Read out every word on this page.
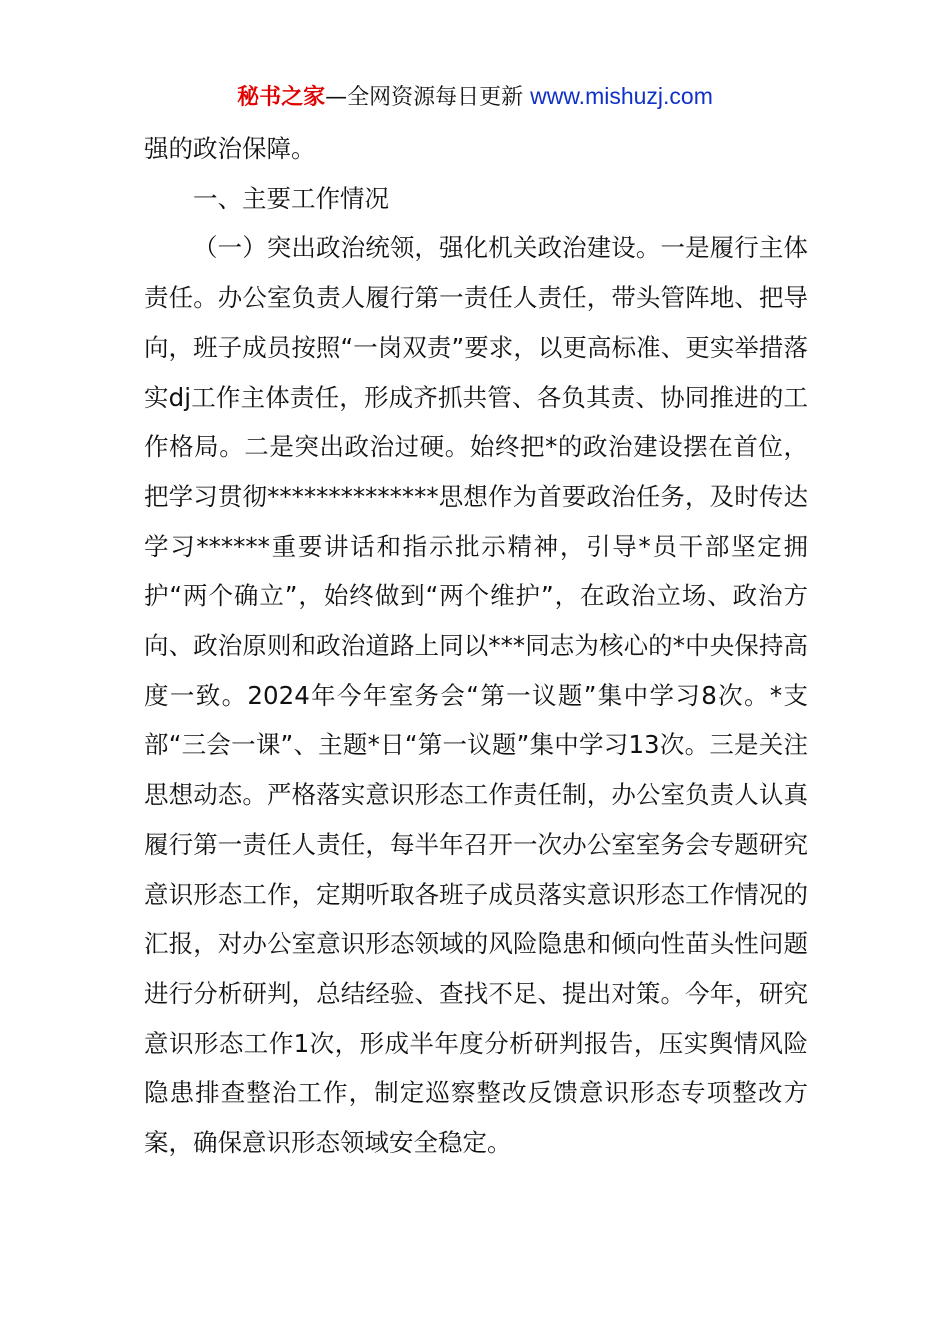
秘书之家—全网资源每日更新 www.mishuzj.com

强的政治保障。

一、主要工作情况

（一）突出政治统领，强化机关政治建设。一是履行主体责任。办公室负责人履行第一责任人责任，带头管阵地、把导向，班子成员按照“一岗双责”要求，以更高标准、更实举措落实dj工作主体责任，形成齐抓共管、各负其责、协同推进的工作格局。二是突出政治过硬。始终把*的政治建设摆在首位，把学习贯彻**************思想作为首要政治任务，及时传达学习******重要讲话和指示批示精神，引导*员干部坚定拥护“两个确立”，始终做到“两个维护”，在政治立场、政治方向、政治原则和政治道路上同以***同志为核心的*中央保持高度一致。2024年今年室务会“第一议题”集中学习8次。*支部“三会一课”、主题*日“第一议题”集中学习13次。三是关注思想动态。严格落实意识形态工作责任制，办公室负责人认真履行第一责任人责任，每半年召开一次办公室室务会专题研究意识形态工作，定期听取各班子成员落实意识形态工作情况的汇报，对办公室意识形态领域的风险隐患和倾向性苗头性问题进行分析研判，总结经验、查找不足、提出对策。今年，研究意识形态工作1次，形成半年度分析研判报告，压实舆情风险隐患排查整治工作，制定巡察整改反馈意识形态专项整改方案，确保意识形态领域安全稳定。
